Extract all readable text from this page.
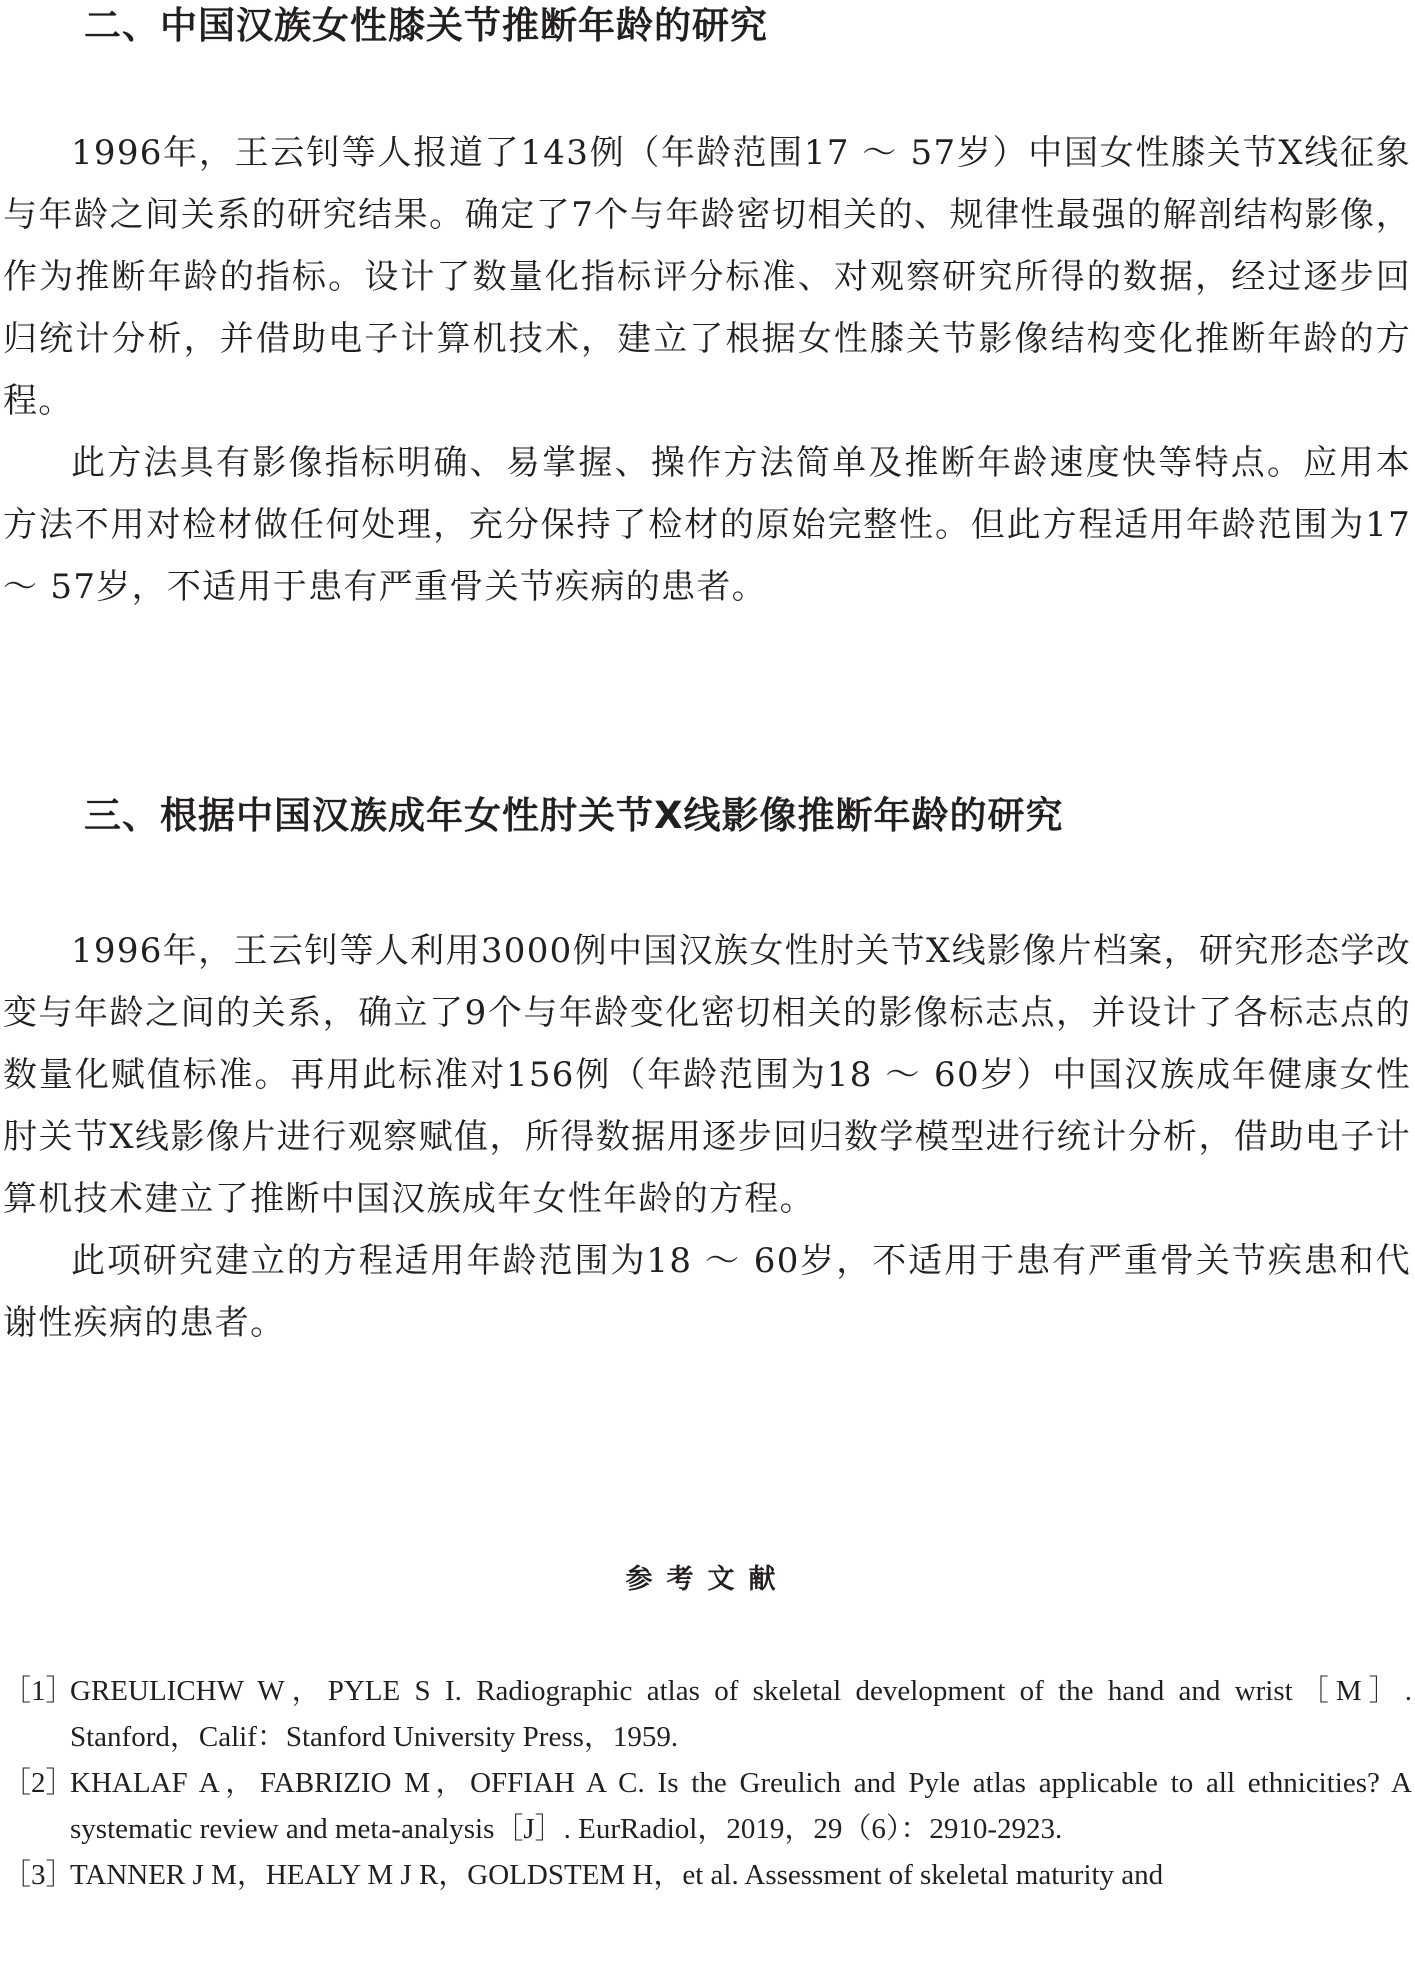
二、中国汉族女性膝关节推断年龄的研究

1996年，王云钊等人报道了143例（年龄范围17 ～ 57岁）中国女性膝关节X线征象与年龄之间关系的研究结果。确定了7个与年龄密切相关的、规律性最强的解剖结构影像，作为推断年龄的指标。设计了数量化指标评分标准、对观察研究所得的数据，经过逐步回归统计分析，并借助电子计算机技术，建立了根据女性膝关节影像结构变化推断年龄的方程。

此方法具有影像指标明确、易掌握、操作方法简单及推断年龄速度快等特点。应用本方法不用对检材做任何处理，充分保持了检材的原始完整性。但此方程适用年龄范围为17 ～ 57岁，不适用于患有严重骨关节疾病的患者。

三、根据中国汉族成年女性肘关节X线影像推断年龄的研究

1996年，王云钊等人利用3000例中国汉族女性肘关节X线影像片档案，研究形态学改变与年龄之间的关系，确立了9个与年龄变化密切相关的影像标志点，并设计了各标志点的数量化赋值标准。再用此标准对156例（年龄范围为18 ～ 60岁）中国汉族成年健康女性肘关节X线影像片进行观察赋值，所得数据用逐步回归数学模型进行统计分析，借助电子计算机技术建立了推断中国汉族成年女性年龄的方程。

此项研究建立的方程适用年龄范围为18 ～ 60岁，不适用于患有严重骨关节疾患和代谢性疾病的患者。

参考文献
［1］
GREULICHW W，PYLE S I. Radiographic atlas of skeletal development of the hand and wrist［M］. Stanford，Calif：Stanford University Press，1959.
［2］
KHALAF A，FABRIZIO M，OFFIAH A C. Is the Greulich and Pyle atlas applicable to all ethnicities? A systematic review and meta-analysis［J］. EurRadiol，2019，29（6）：2910-2923.
［3］
TANNER J M，HEALY M J R，GOLDSTEM H，et al. Assessment of skeletal maturity and
